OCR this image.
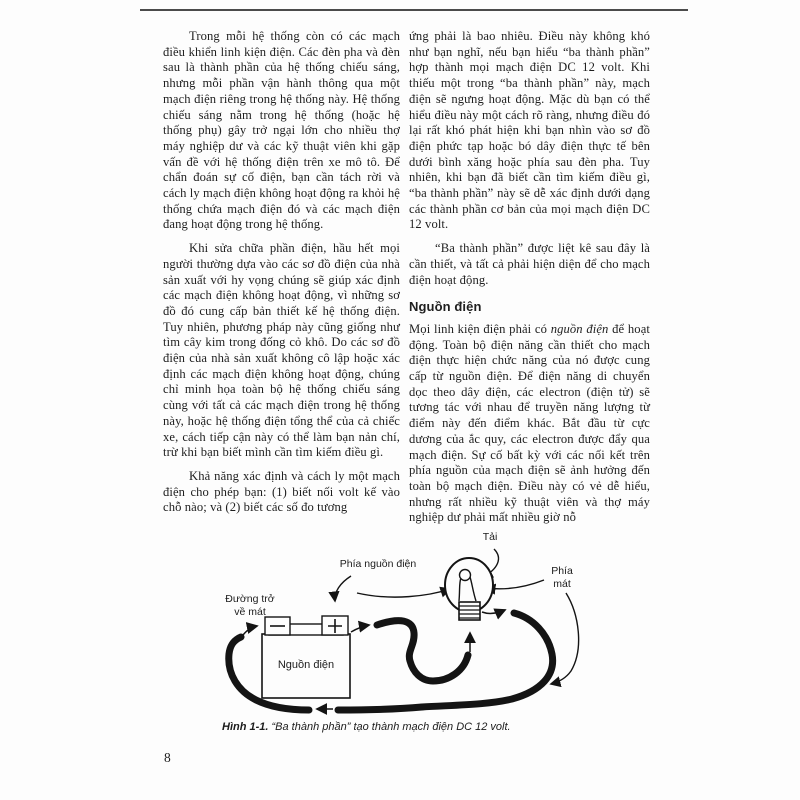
Trong mỗi hệ thống còn có các mạch điều khiển linh kiện điện. Các đèn pha và đèn sau là thành phần của hệ thống chiếu sáng, nhưng mỗi phần vận hành thông qua một mạch điện riêng trong hệ thống này. Hệ thống chiếu sáng nằm trong hệ thống (hoặc hệ thống phụ) gây trở ngại lớn cho nhiều thợ máy nghiệp dư và các kỹ thuật viên khi gặp vấn đề với hệ thống điện trên xe mô tô. Để chẩn đoán sự cố điện, bạn cần tách rời và cách ly mạch điện không hoạt động ra khỏi hệ thống chứa mạch điện đó và các mạch điện đang hoạt động trong hệ thống.

Khi sửa chữa phần điện, hầu hết mọi người thường dựa vào các sơ đồ điện của nhà sản xuất với hy vọng chúng sẽ giúp xác định các mạch điện không hoạt động, vì những sơ đồ đó cung cấp bản thiết kế hệ thống điện. Tuy nhiên, phương pháp này cũng giống như tìm cây kim trong đống cỏ khô. Do các sơ đồ điện của nhà sản xuất không cô lập hoặc xác định các mạch điện không hoạt động, chúng chỉ minh họa toàn bộ hệ thống chiếu sáng cùng với tất cả các mạch điện trong hệ thống này, hoặc hệ thống điện tổng thể của cả chiếc xe, cách tiếp cận này có thể làm bạn nản chí, trừ khi bạn biết mình cần tìm kiếm điều gì.

Khả năng xác định và cách ly một mạch điện cho phép bạn: (1) biết nối volt kế vào chỗ nào; và (2) biết các số đo tương

ứng phải là bao nhiêu. Điều này không khó như bạn nghĩ, nếu bạn hiểu “ba thành phần” hợp thành mọi mạch điện DC 12 volt. Khi thiếu một trong “ba thành phần” này, mạch điện sẽ ngưng hoạt động. Mặc dù bạn có thể hiểu điều này một cách rõ ràng, nhưng điều đó lại rất khó phát hiện khi bạn nhìn vào sơ đồ điện phức tạp hoặc bó dây điện thực tế bên dưới bình xăng hoặc phía sau đèn pha. Tuy nhiên, khi bạn đã biết cần tìm kiếm điều gì, “ba thành phần” này sẽ dễ xác định dưới dạng các thành phần cơ bản của mọi mạch điện DC 12 volt.

“Ba thành phần” được liệt kê sau đây là cần thiết, và tất cả phải hiện diện để cho mạch điện hoạt động.

Nguồn điện

Mọi linh kiện điện phải có nguồn điện để hoạt động. Toàn bộ điện năng cần thiết cho mạch điện thực hiện chức năng của nó được cung cấp từ nguồn điện. Để điện năng di chuyển dọc theo dây điện, các electron (điện tử) sẽ tương tác với nhau để truyền năng lượng từ điểm này đến điểm khác. Bắt đầu từ cực dương của ắc quy, các electron được đẩy qua mạch điện. Sự cố bất kỳ với các nối kết trên phía nguồn của mạch điện sẽ ảnh hưởng đến toàn bộ mạch điện. Điều này có vẻ dễ hiểu, nhưng rất nhiều kỹ thuật viên và thợ máy nghiệp dư phải mất nhiều giờ nỗ

Tải
Phía nguồn điện
Phía
mát
Đường trở
về mát
Nguồn điện
Hình 1-1. “Ba thành phần” tạo thành mạch điện DC 12 volt.
8
